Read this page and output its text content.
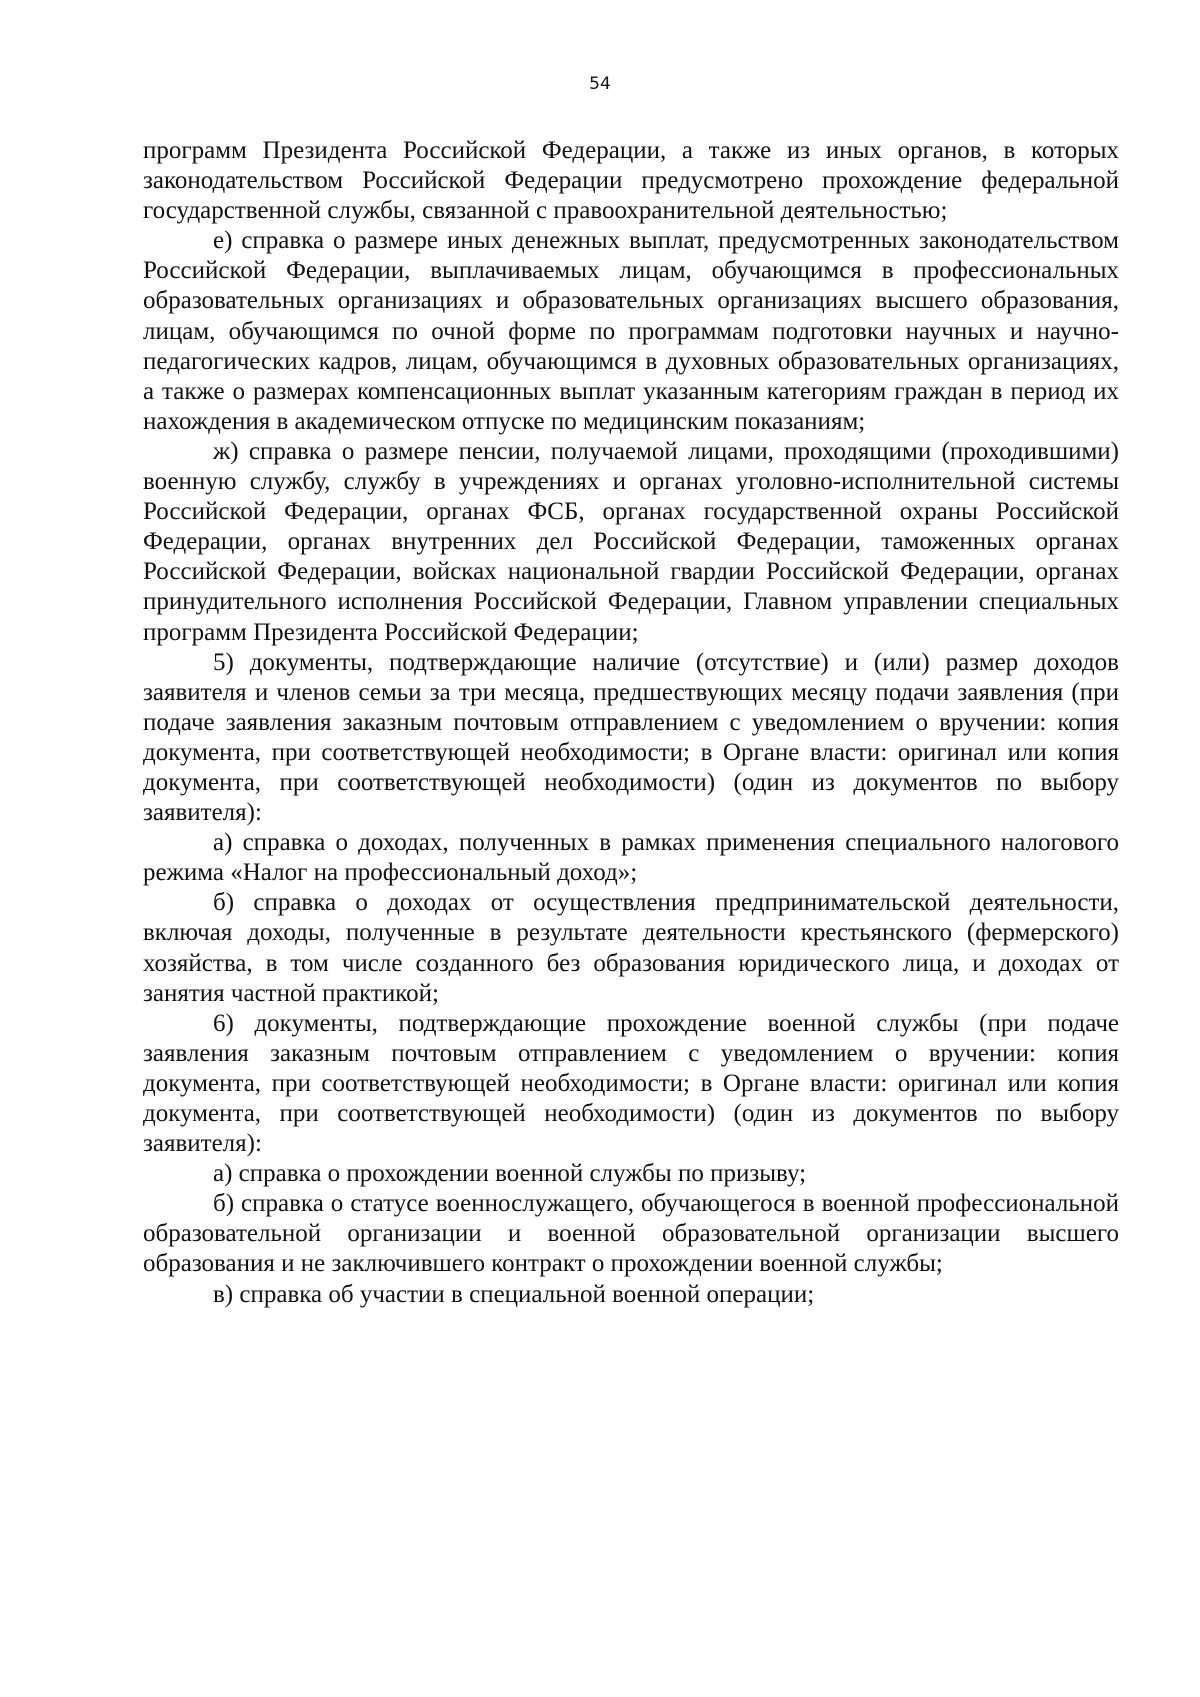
54

программ Президента Российской Федерации, а также из иных органов, в которых законодательством Российской Федерации предусмотрено прохождение федеральной государственной службы, связанной с правоохранительной деятельностью;

е) справка о размере иных денежных выплат, предусмотренных законодательством Российской Федерации, выплачиваемых лицам, обучающимся в профессиональных образовательных организациях и образовательных организациях высшего образования, лицам, обучающимся по очной форме по программам подготовки научных и научно-педагогических кадров, лицам, обучающимся в духовных образовательных организациях, а также о размерах компенсационных выплат указанным категориям граждан в период их нахождения в академическом отпуске по медицинским показаниям;

ж) справка о размере пенсии, получаемой лицами, проходящими (проходившими) военную службу, службу в учреждениях и органах уголовно-исполнительной системы Российской Федерации, органах ФСБ, органах государственной охраны Российской Федерации, органах внутренних дел Российской Федерации, таможенных органах Российской Федерации, войсках национальной гвардии Российской Федерации, органах принудительного исполнения Российской Федерации, Главном управлении специальных программ Президента Российской Федерации;

5) документы, подтверждающие наличие (отсутствие) и (или) размер доходов заявителя и членов семьи за три месяца, предшествующих месяцу подачи заявления (при подаче заявления заказным почтовым отправлением с уведомлением о вручении: копия документа, при соответствующей необходимости; в Органе власти: оригинал или копия документа, при соответствующей необходимости) (один из документов по выбору заявителя):

а) справка о доходах, полученных в рамках применения специального налогового режима «Налог на профессиональный доход»;

б) справка о доходах от осуществления предпринимательской деятельности, включая доходы, полученные в результате деятельности крестьянского (фермерского) хозяйства, в том числе созданного без образования юридического лица, и доходах от занятия частной практикой;

6) документы, подтверждающие прохождение военной службы (при подаче заявления заказным почтовым отправлением с уведомлением о вручении: копия документа, при соответствующей необходимости; в Органе власти: оригинал или копия документа, при соответствующей необходимости) (один из документов по выбору заявителя):

а) справка о прохождении военной службы по призыву;

б) справка о статусе военнослужащего, обучающегося в военной профессиональной образовательной организации и военной образовательной организации высшего образования и не заключившего контракт о прохождении военной службы;

в) справка об участии в специальной военной операции;
